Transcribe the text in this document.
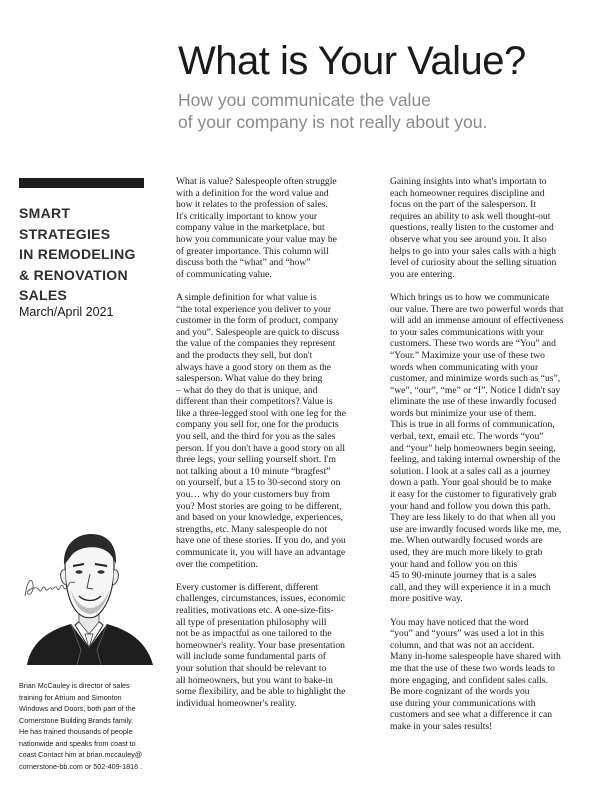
What is Your Value?
How you communicate the value
of your company is not really about you.
SMART
STRATEGIES
IN REMODELING
& RENOVATION
SALES
March/April 2021
Brian McCauley is director of sales
training for Atrium and Simonton
Windows and Doors, both part of the
Cornerstone Building Brands family.
He has trained thousands of people
nationwide and speaks from coast to
coast Contact him at brian.mccauley@
cornerstone-bb.com or 502-409-1816 .

What is value? Salespeople often struggle
with a definition for the word value and
how it relates to the profession of sales.
It's critically important to know your
company value in the marketplace, but
how you communicate your value may be
of greater importance. This column will
discuss both the “what” and “how”
of communicating value.

A simple definition for what value is
“the total experience you deliver to your
customer in the form of product, company
and you”. Salespeople are quick to discuss
the value of the companies they represent
and the products they sell, but don't
always have a good story on them as the
salesperson. What value do they bring
– what do they do that is unique, and
different than their competitors? Value is
like a three-legged stool with one leg for the
company you sell for, one for the products
you sell, and the third for you as the sales
person. If you don't have a good story on all
three legs, your selling yourself short. I'm
not talking about a 10 minute “bragfest”
on yourself, but a 15 to 30-second story on
you… why do your customers buy from
you? Most stories are going to be different,
and based on your knowledge, experiences,
strengths, etc. Many salespeople do not
have one of these stories. If you do, and you
communicate it, you will have an advantage
over the competition.

Every customer is different, different
challenges, circumstances, issues, economic
realities, motivations etc. A one-size-fits-
all type of presentation philosophy will
not be as impactful as one tailored to the
homeowner's reality. Your base presentation
will include some fundamental parts of
your solution that should be relevant to
all homeowners, but you want to bake-in
some flexibility, and be able to highlight the
individual homeowner's reality.

Gaining insights into what's importatn to
each homeowner requires discipline and
focus on the part of the salesperson. It
requires an ability to ask well thought-out
questions, really listen to the customer and
observe what you see around you. It also
helps to go into your sales calls with a high
level of curiosity about the selling situation
you are entering.

Which brings us to how we communicate
our value. There are two powerful words that
will add an immense amount of effectiveness
to your sales communications with your
customers. These two words are “You” and
“Your.” Maximize your use of these two
words when communicating with your
customer, and minimize words such as “us”,
“we”, “our”, “me” or “I”. Notice I didn't say
eliminate the use of these inwardly focused
words but minimize your use of them.
This is true in all forms of communication,
verbal, text, email etc. The words “you”
and “your” help homeowners begin seeing,
feeling, and taking internal ownership of the
solution. I look at a sales call as a journey
down a path. Your goal should be to make
it easy for the customer to figuratively grab
your hand and follow you down this path.
They are less likely to do that when all you
use are inwardly focused words like me, me,
me. When outwardly focused words are
used, they are much more likely to grab
your hand and follow you on this
45 to 90-minute journey that is a sales
call, and they will experience it in a much
more positive way.

You may have noticed that the word
“you” and “yours” was used a lot in this
column, and that was not an accident.
Many in-home salespeople have shared with
me that the use of these two words leads to
more engaging, and confident sales calls.
Be more cognizant of the words you
use during your communications with
customers and see what a difference it can
make in your sales results!
